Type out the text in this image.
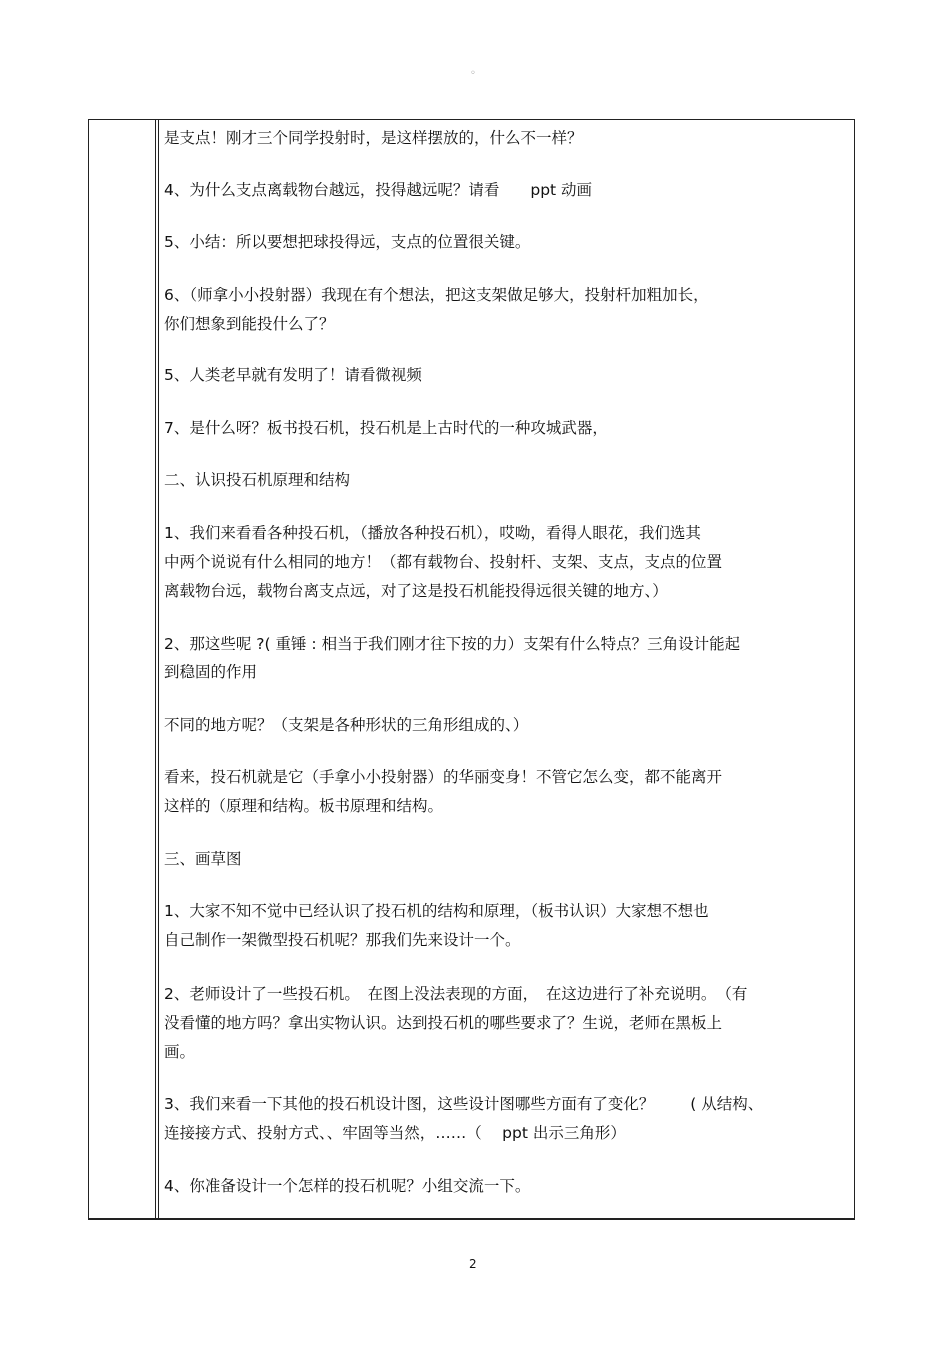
◦
是支点！刚才三个同学投射时，是这样摆放的，什么不一样？
4、为什么支点离载物台越远，投得越远呢？请看　　ppt 动画
5、小结：所以要想把球投得远，支点的位置很关键。
6、（师拿小小投射器）我现在有个想法，把这支架做足够大，投射杆加粗加长，
你们想象到能投什么了？
5、人类老早就有发明了！请看微视频
7、是什么呀？板书投石机，投石机是上古时代的一种攻城武器，
二、认识投石机原理和结构
1、我们来看看各种投石机，（播放各种投石机），哎呦，看得人眼花，我们选其
中两个说说有什么相同的地方！（都有载物台、投射杆、支架、支点，支点的位置
离载物台远，载物台离支点远，对了这是投石机能投得远很关键的地方、）
2、那这些呢 ?( 重锤 : 相当于我们刚才往下按的力）支架有什么特点？三角设计能起
到稳固的作用
不同的地方呢？（支架是各种形状的三角形组成的、）
看来，投石机就是它（手拿小小投射器）的华丽变身！不管它怎么变，都不能离开
这样的（原理和结构。板书原理和结构。
三、画草图
1、大家不知不觉中已经认识了投石机的结构和原理，（板书认识）大家想不想也
自己制作一架微型投石机呢？那我们先来设计一个。
2、老师设计了一些投石机。　在图上没法表现的方面，　在这边进行了补充说明。　（有
没看懂的地方吗？拿出实物认识。达到投石机的哪些要求了？生说，老师在黑板上
画。
3、我们来看一下其他的投石机设计图，这些设计图哪些方面有了变化？　　 ( 从结构、
连接接方式、投射方式、、牢固等当然，……（　 ppt 出示三角形）
4、你准备设计一个怎样的投石机呢？小组交流一下。
2
